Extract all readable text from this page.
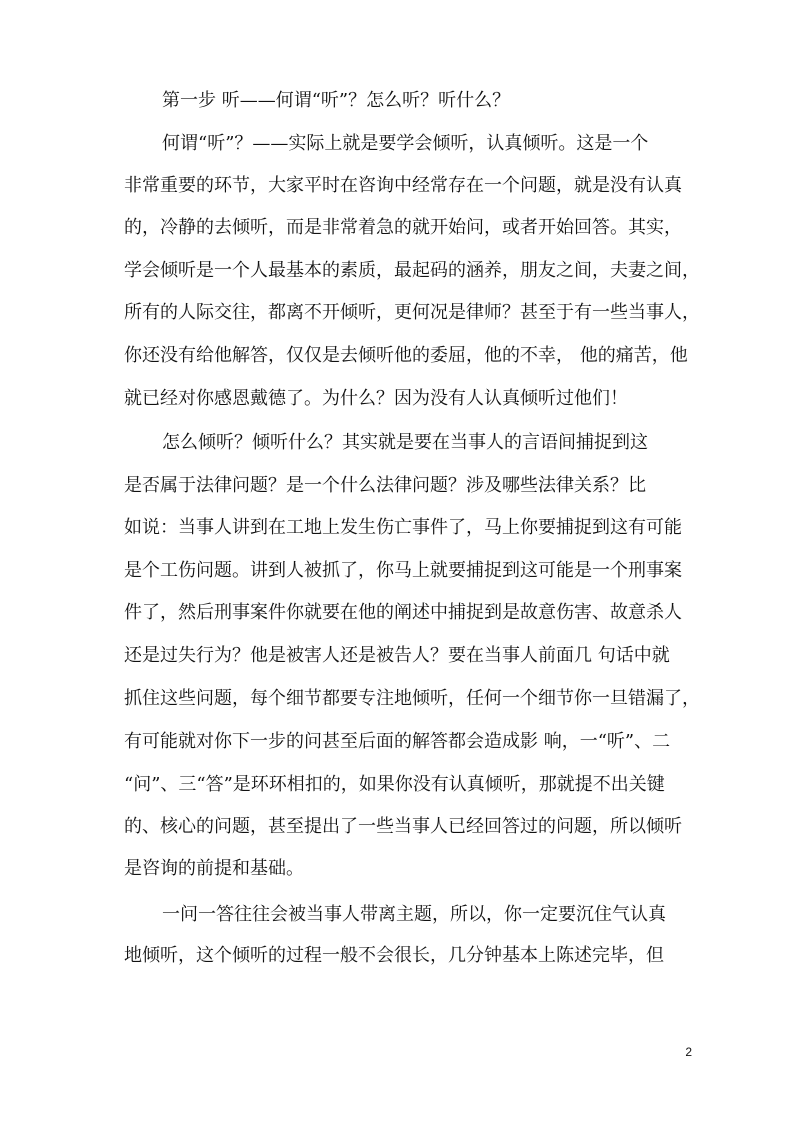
第一步 听——何谓“听”？怎么听？听什么？
何谓“听”？——实际上就是要学会倾听，认真倾听。这是一个
非常重要的环节，大家平时在咨询中经常存在一个问题，就是没有认真
的，冷静的去倾听，而是非常着急的就开始问，或者开始回答。其实，
学会倾听是一个人最基本的素质，最起码的涵养，朋友之间，夫妻之间，
所有的人际交往，都离不开倾听，更何况是律师？甚至于有一些当事人，
你还没有给他解答，仅仅是去倾听他的委屈，他的不幸， 他的痛苦，他
就已经对你感恩戴德了。为什么？因为没有人认真倾听过他们！
怎么倾听？倾听什么？其实就是要在当事人的言语间捕捉到这
是否属于法律问题？是一个什么法律问题？涉及哪些法律关系？比
如说：当事人讲到在工地上发生伤亡事件了，马上你要捕捉到这有可能
是个工伤问题。讲到人被抓了，你马上就要捕捉到这可能是一个刑事案
件了，然后刑事案件你就要在他的阐述中捕捉到是故意伤害、故意杀人
还是过失行为？他是被害人还是被告人？要在当事人前面几 句话中就
抓住这些问题，每个细节都要专注地倾听，任何一个细节你一旦错漏了，
有可能就对你下一步的问甚至后面的解答都会造成影 响，一“听”、二
“问”、三“答”是环环相扣的，如果你没有认真倾听，那就提不出关键
的、核心的问题，甚至提出了一些当事人已经回答过的问题，所以倾听
是咨询的前提和基础。
一问一答往往会被当事人带离主题，所以，你一定要沉住气认真
地倾听，这个倾听的过程一般不会很长，几分钟基本上陈述完毕，但
2
